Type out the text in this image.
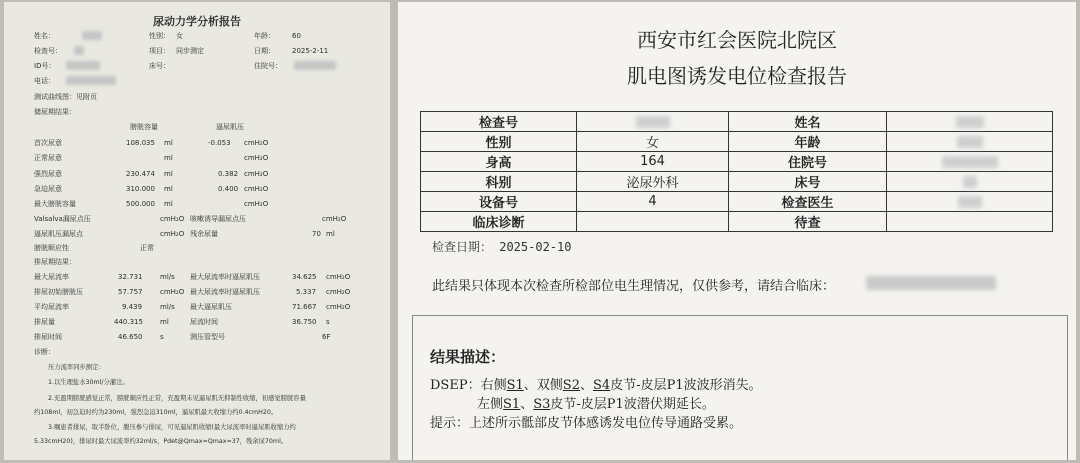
尿动力学分析报告
姓名：	性别： 女	年龄： 60
检查号：	项目： 同步测定	日期： 2025-2-11
ID号：	床号：	住院号：
电话：
测试曲线图：见附页
储尿期结果：
膀胱容量	逼尿肌压
首次尿意	108.035 ml	-0.053 cmH₂O
正常尿意	ml	cmH₂O
强烈尿意	230.474 ml	0.382 cmH₂O
急迫尿意	310.000 ml	0.400 cmH₂O
最大膀胱容量	500.000 ml	cmH₂O
Valsalva漏尿点压	cmH₂O 咳嗽诱导漏尿点压	cmH₂O
逼尿肌压漏尿点	cmH₂O 残余尿量	70 ml
膀胱顺应性	正常
排尿期结果：
最大尿流率	32.731	ml/s 最大尿流率时逼尿肌压	34.625 cmH₂O
排尿初始膀胱压	57.757	cmH₂O 最大尿流率时逼尿肌压	5.337 cmH₂O
平均尿流率	9.439	ml/s 最大逼尿肌压	71.667 cmH₂O
排尿量	440.315 ml	尿流时间	36.750 s
排尿时间	46.650	s	测压管型号	6F
诊断：
压力流率同步测定：
1.以生理盐水30ml/分灌注。
2.充盈期膀胱感觉正常，膀胱顺应性正常，充盈期未见逼尿肌无抑制性收缩，初感觉膀胱容量
约108ml，初急迫时约为230ml，强烈急迫310ml，逼尿肌最大收缩力约0.4cmH20。
3.嘱患者排尿，取半卧位，腹压参与排尿，可见逼尿肌收缩(最大尿流率时逼尿肌收缩力约
5.33cmH20)，排尿时最大尿流率约32ml/s，Pdet@Qmax=Qmax=37，残余尿70ml。
西安市红会医院北院区
肌电图诱发电位检查报告
检查号		姓名	

性别	女	年龄	

身高	164	住院号	

科别	泌尿外科	床号	

设备号	4	检查医生	

临床诊断		待查	
检查日期： 2025-02-10
此结果只体现本次检查所检部位电生理情况，仅供参考，请结合临床：
结果描述：
DSEP：右侧S1、双侧S2、S4皮节-皮层P1波波形消失。
左侧S1、S3皮节-皮层P1波潜伏期延长。
提示：上述所示骶部皮节体感诱发电位传导通路受累。
